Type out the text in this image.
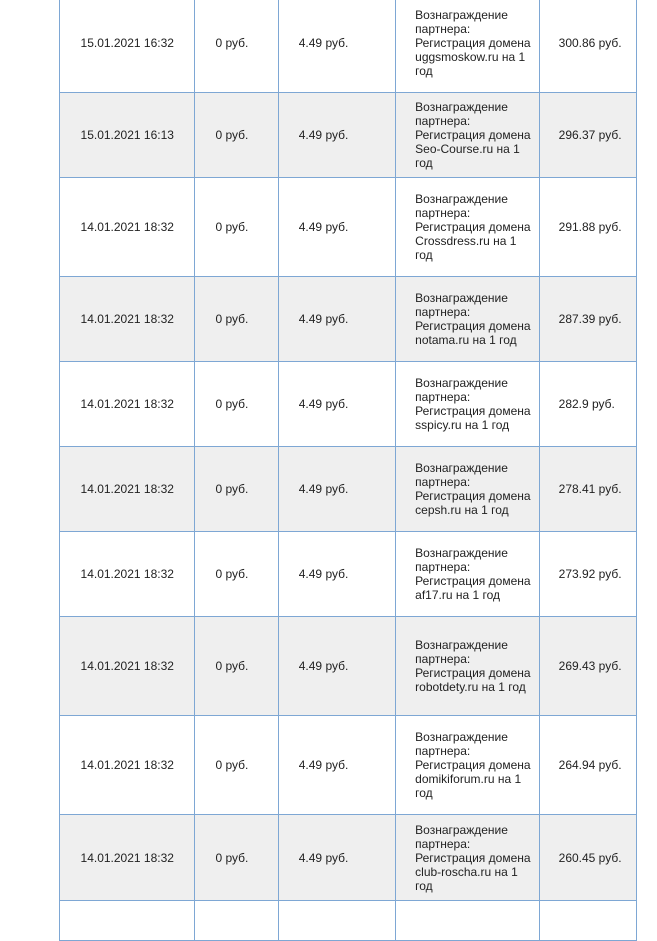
15.01.2021 16:32	0 руб.	4.49 руб.	Вознаграждение партнера: Регистрация домена uggsmoskow.ru на 1 год	300.86 руб.

15.01.2021 16:13	0 руб.	4.49 руб.	Вознаграждение партнера: Регистрация домена Seo-Course.ru на 1 год	296.37 руб.

14.01.2021 18:32	0 руб.	4.49 руб.	Вознаграждение партнера: Регистрация домена Crossdress.ru на 1 год	291.88 руб.

14.01.2021 18:32	0 руб.	4.49 руб.	Вознаграждение партнера: Регистрация домена notama.ru на 1 год	287.39 руб.

14.01.2021 18:32	0 руб.	4.49 руб.	Вознаграждение партнера: Регистрация домена sspicy.ru на 1 год	282.9 руб.

14.01.2021 18:32	0 руб.	4.49 руб.	Вознаграждение партнера: Регистрация домена cepsh.ru на 1 год	278.41 руб.

14.01.2021 18:32	0 руб.	4.49 руб.	Вознаграждение партнера: Регистрация домена af17.ru на 1 год	273.92 руб.

14.01.2021 18:32	0 руб.	4.49 руб.	Вознаграждение партнера: Регистрация домена robotdety.ru на 1 год	269.43 руб.

14.01.2021 18:32	0 руб.	4.49 руб.	Вознаграждение партнера: Регистрация домена domikiforum.ru на 1 год	264.94 руб.

14.01.2021 18:32	0 руб.	4.49 руб.	Вознаграждение партнера: Регистрация домена club-roscha.ru на 1 год	260.45 руб.
